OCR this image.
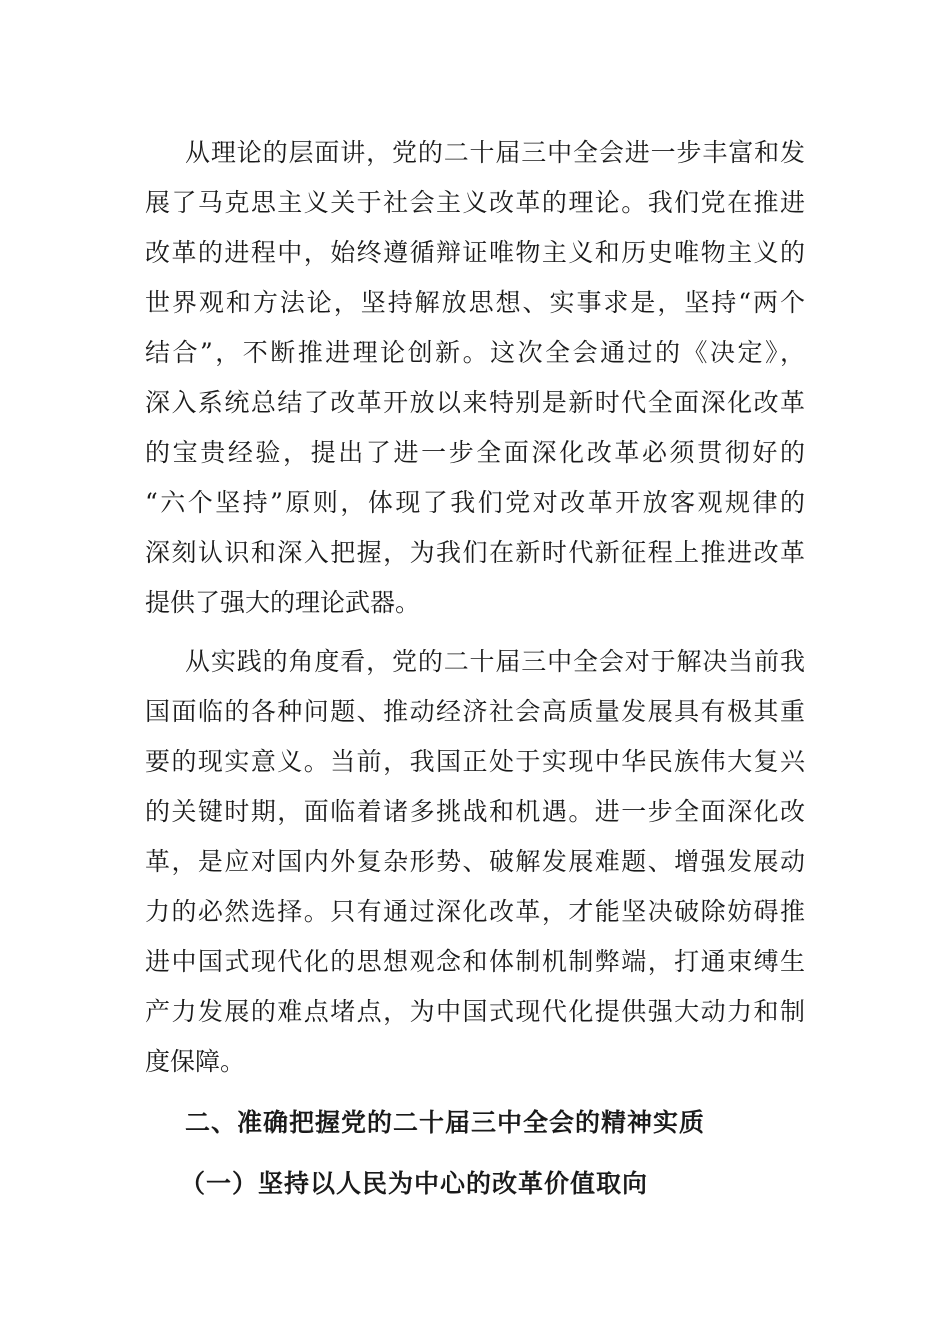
从理论的层面讲，党的二十届三中全会进一步丰富和发
展了马克思主义关于社会主义改革的理论。我们党在推进
改革的进程中，始终遵循辩证唯物主义和历史唯物主义的
世界观和方法论，坚持解放思想、实事求是，坚持“两个
结合”，不断推进理论创新。这次全会通过的《决定》，
深入系统总结了改革开放以来特别是新时代全面深化改革
的宝贵经验，提出了进一步全面深化改革必须贯彻好的
“六个坚持”原则，体现了我们党对改革开放客观规律的
深刻认识和深入把握，为我们在新时代新征程上推进改革
提供了强大的理论武器。
从实践的角度看，党的二十届三中全会对于解决当前我
国面临的各种问题、推动经济社会高质量发展具有极其重
要的现实意义。当前，我国正处于实现中华民族伟大复兴
的关键时期，面临着诸多挑战和机遇。进一步全面深化改
革，是应对国内外复杂形势、破解发展难题、增强发展动
力的必然选择。只有通过深化改革，才能坚决破除妨碍推
进中国式现代化的思想观念和体制机制弊端，打通束缚生
产力发展的难点堵点，为中国式现代化提供强大动力和制
度保障。
二、准确把握党的二十届三中全会的精神实质
（一）坚持以人民为中心的改革价值取向
